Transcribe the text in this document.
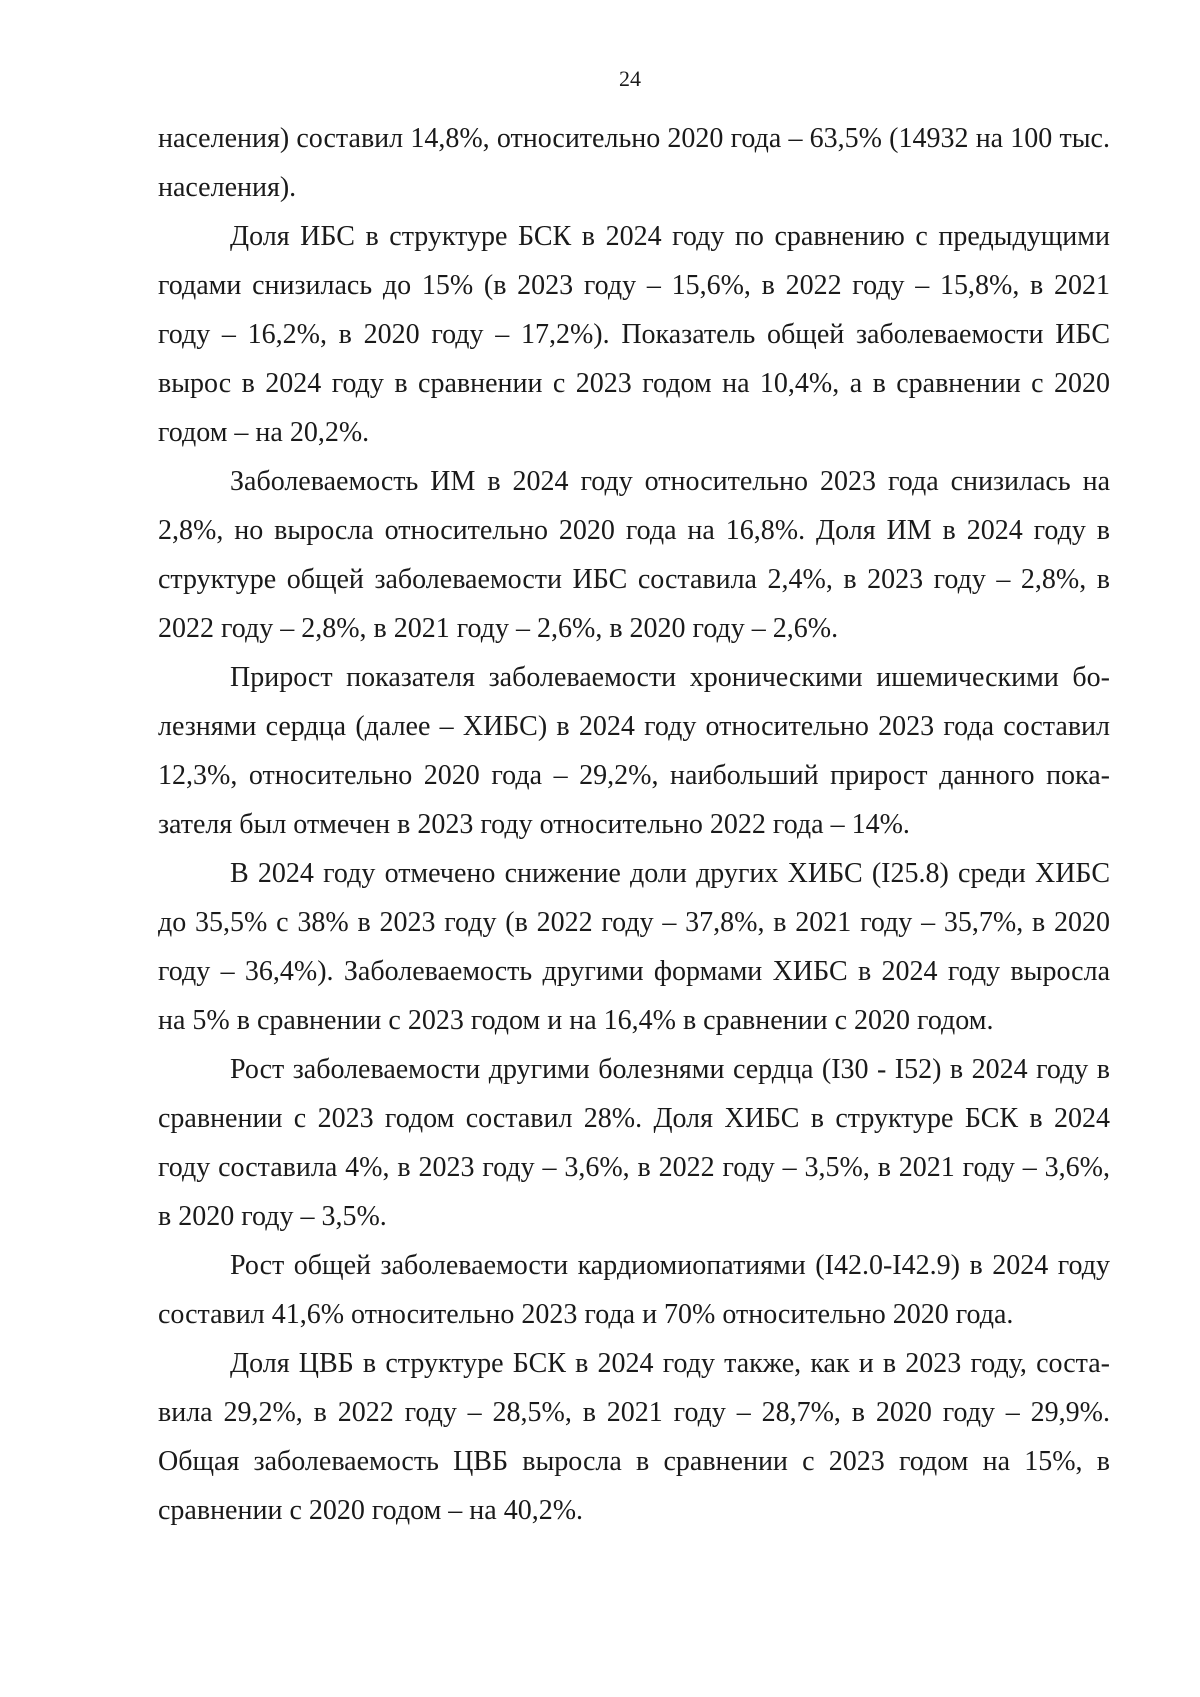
24

населения) составил 14,8%, относительно 2020 года – 63,5% (14932 на 100 тыс. населения).

Доля ИБС в структуре БСК в 2024 году по сравнению с предыдущими годами снизилась до 15% (в 2023 году – 15,6%, в 2022 году – 15,8%, в 2021 году – 16,2%, в 2020 году – 17,2%). Показатель общей заболеваемости ИБС вырос в 2024 году в сравнении с 2023 годом на 10,4%, а в сравнении с 2020 годом – на 20,2%.

Заболеваемость ИМ в 2024 году относительно 2023 года снизилась на 2,8%, но выросла относительно 2020 года на 16,8%. Доля ИМ в 2024 году в структуре общей заболеваемости ИБС составила 2,4%, в 2023 году – 2,8%, в 2022 году – 2,8%, в 2021 году – 2,6%, в 2020 году – 2,6%.

Прирост показателя заболеваемости хроническими ишемическими болезнями сердца (далее – ХИБС) в 2024 году относительно 2023 года составил 12,3%, относительно 2020 года – 29,2%, наибольший прирост данного показателя был отмечен в 2023 году относительно 2022 года – 14%.

В 2024 году отмечено снижение доли других ХИБС (I25.8) среди ХИБС до 35,5% с 38% в 2023 году (в 2022 году – 37,8%, в 2021 году – 35,7%, в 2020 году – 36,4%). Заболеваемость другими формами ХИБС в 2024 году выросла на 5% в сравнении с 2023 годом и на 16,4% в сравнении с 2020 годом.

Рост заболеваемости другими болезнями сердца (I30 - I52) в 2024 году в сравнении с 2023 годом составил 28%. Доля ХИБС в структуре БСК в 2024 году составила 4%, в 2023 году – 3,6%, в 2022 году – 3,5%, в 2021 году – 3,6%, в 2020 году – 3,5%.

Рост общей заболеваемости кардиомиопатиями (I42.0-I42.9) в 2024 году составил 41,6% относительно 2023 года и 70% относительно 2020 года.

Доля ЦВБ в структуре БСК в 2024 году также, как и в 2023 году, составила 29,2%, в 2022 году – 28,5%, в 2021 году – 28,7%, в 2020 году – 29,9%. Общая заболеваемость ЦВБ выросла в сравнении с 2023 годом на 15%, в сравнении с 2020 годом – на 40,2%.
